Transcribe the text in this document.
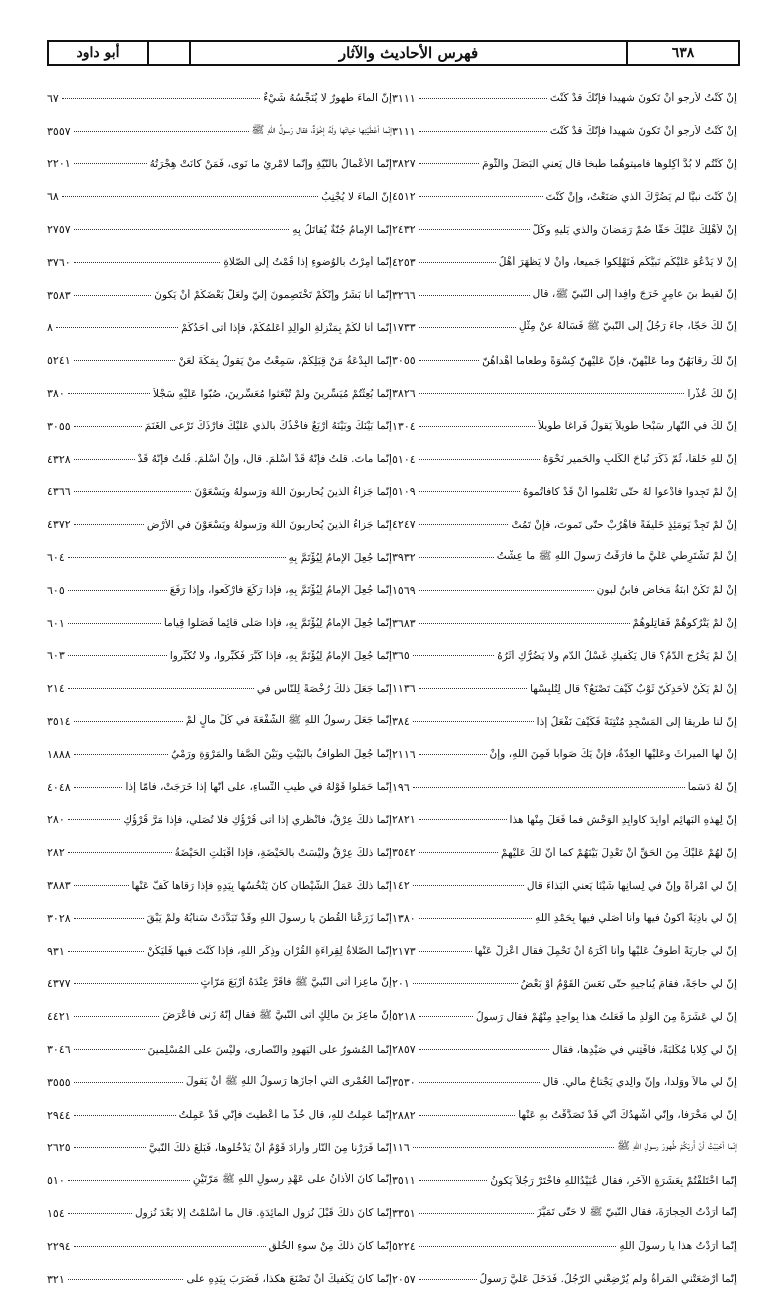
أبو داود	فهرس الأحاديث والآثار	٦٣٨
إنْ كُنْتُ لأَرجو أنْ تَكونَ شهيداً فإنّكَ قدْ كُنْتَ
٣١١١
إنْ كُنْتُ لأَرجو أنْ تَكونَ شهيداً فإنّكَ قدْ كُنْتَ
٣١١١
إنْ كُنْتُم لا بُدَّ آكِلوها فأَميتوهُما طَبخاً قال يَعني البَصَلَ والثّومَ
٣٨٢٧
إنْ كُنْتَ نبيًّا لم يَضُرَّكَ الّذي صَنَعْتُ، وإنْ كُنْتَ
٤٥١٢
إنْ لأَهْلِكَ عَلَيْكَ حَقّاً صُمْ رَمَضانَ والّذي يَليهِ وكُلَّ
٢٤٣٢
إنْ لا يَدْعُوَ عَلَيْكُم نَبيُّكُم فَتَهْلِكوا جَميعاً، وأنْ لا يَظْهَرَ أهْلُ
٤٢٥٣
إنّ لَقيطَ بنَ عامِرٍ خَرَجَ وافِداً إلى النّبيّ ﷺ، قال
٣٢٦٦
إنّ لَكَ حَجّاً، جاءَ رَجُلٌ إلى النّبيّ ﷺ فَسَأَلَهُ عنْ مِثْلِ
١٧٣٣
إنّ لَكَ رِقابَهُنّ وما عَلَيْهِنّ، فإنّ عَلَيْهِنّ كِسْوَةً وطَعاماً أهْداهُنّ
٣٠٥٥
إنّ لَكَ عُذْراً
٣٨٢٦
إنّ لَكَ في النّهارِ سَبْحاً طَويلاً يَقولُ فَراغاً طَويلاً
١٣٠٤
إنّ للهِ خَلْقاً، ثُمّ ذَكَرَ نُباحَ الكَلْبِ والحَميرِ نَحْوَهُ
٥١٠٤
إنْ لَمْ تَجِدوا فادْعوا لهُ حتّى تَعْلَموا أنْ قَدْ كافأتُموهُ
٥١٠٩
إنْ لَمْ تَجِدْ يَومَئِذٍ خَليفَةً فاهْرُبْ حتّى تَموتَ، فإنْ تَمُتْ
٤٢٤٧
إنْ لَمْ تَشْتَرِطي عَلَيَّ ما فارَقْتُ رَسولَ اللهِ ﷺ ما عِشْتُ
٣٩٣٢
إنْ لَمْ تَكُنْ ابنَةُ مَخاضٍ فابنُ لَبونٍ
١٥٦٩
إنْ لَمْ يَتْرُكوهُمْ فَقاتِلوهُمْ
٣٦٨٣
إنْ لَمْ يَخْرُجِ الدّمُ؟ قال يَكْفيكِ غَسْلُ الدّمِ ولا يَضُرُّكِ أثَرُهُ
٣٦٥
إنْ لَمْ يَكُنْ لأَحَدِكُنّ ثَوْبٌ كَيْفَ تَصْنَعُ؟ قال لِتُلْبِسْها
١١٣٦
إنّ لنا طَريقاً إلى المَسْجِدِ مُنْتِنَةً فَكَيْفَ نَفْعَلُ إذا
٣٨٤
إنْ لَها الميراثَ وعَلَيْها العِدّةُ، فإنْ يَكُ صَواباً فَمِنَ اللهِ، وإنْ
٢١١٦
إنّ لهُ دَسَماً
١٩٦
إنّ لِهذهِ البَهائِمِ أوابِدَ كأوابِدِ الوَحْشِ فما فَعَلَ مِنْها هذا
٢٨٢١
إنّ لَهُمْ عَلَيْكَ مِنَ الحَقِّ أنْ تَعْدِلَ بَيْنَهُمْ كما أنّ لكَ عَلَيْهِمْ
٣٥٤٢
إنّ لي امْرأةً وإنّ في لِسانِها شَيْئاً يَعني البَذاءَ قال
١٤٢
إنّ لي بادِيَةً أكونُ فيها وأنا أُصَلّي فيها بِحَمْدِ اللهِ
١٣٨٠
إنّ لي جارِيَةً أطوفُ عَلَيْها وأنا أكْرَهُ أنْ تَحْمِلَ فقال اعْزِلْ عَنْها
٢١٧٣
إنّ لي حاجَةً، فقامَ يُناجيهِ حتّى نَعَسَ القَوْمُ أوْ بَعْضُ
٢٠١
إنّ لي عَشَرَةً مِنَ الوَلَدِ ما فَعَلْتُ هذا بِواحِدٍ مِنْهُمْ فقال رَسولُ
٥٢١٨
إنّ لي كِلاباً مُكَلَّبَةً، فأَفْتِني في صَيْدِها، فقال
٢٨٥٧
إنّ لي مالاً ووَلَداً، وإنّ والِدي يَجْتاحُ مالي. قال
٣٥٣٠
إنّ لي مَخْرَفاً، وإنّي أُشْهِدُكَ أنّي قَدْ تَصَدَّقْتُ بهِ عَنْها
٢٨٨٢
إنّما أحْبَبْتُ أنْ أُريَكُمْ طُهورَ رسولِ اللهِ ﷺ
١١٦
إنّما اخْتَلَفْتُمْ بِعَشَرَةٍ الآخَرِ، فقال عُبَيْدُاللهِ فاخْتَرْ رَجُلاً يَكونُ
٣٥١١
إنّما أرَدْتُ الحِجارَةَ، فقال النّبيّ ﷺ لا حَتّى تَمَيَّزَ
٣٣٥١
إنّما أرَدْتُ هذا يا رسولَ اللهِ
٥٢٢٤
إنّما أرْضَعَتْني المَرأةُ ولم يُرْضِعْني الرّجُلُ. فَدَخَلَ عَلَيَّ رَسولُ
٢٠٥٧
إنّ الماءَ طَهورٌ لا يُنَجِّسُهُ شَيْءٌ
٦٧
إنّما أعْطَيْتِها حَياتَها ولَهُ إخْوَةٌ، فقال رَسولُ اللهِ ﷺ
٣٥٥٧
إنّما الأعْمالُ بالنّيّةِ وإنّما لامْرِئٍ ما نَوى، فَمَنْ كانَتْ هِجْرَتُهُ
٢٢٠١
إنّ الماءَ لا يُجْنِبُ
٦٨
إنّما الإمامُ جُنّةٌ يُقاتَلُ بِهِ
٢٧٥٧
إنّما أُمِرْتُ بالوُضوءِ إذا قُمْتُ إلى الصّلاةِ
٣٧٦٠
إنّما أنا بَشَرٌ وإنّكُمْ تَخْتَصِمونَ إليّ ولَعَلَّ بَعْضَكُمْ أنْ يَكونَ
٣٥٨٣
إنّما أنا لَكُمْ بِمَنْزِلَةِ الوالِدِ أُعَلِّمُكُمْ، فإذا أتى أحَدُكُمْ
٨
إنّما البِدْعَةُ مَنْ قِبَلِكُمْ، سَمِعْتُ منْ يَقولُ بِمَكّةَ لَعَنْ
٥٢٤١
إنّما بُعِثْتُمْ مُيَسِّرينَ ولَمْ تُبْعَثوا مُعَسِّرينَ، صُبّوا عَلَيْهِ سَجْلاً
٣٨٠
إنّما بَيْنَكَ وبَيْنَهُ أرْبَعٌ فاخْذُكَ بالّذي عَلَيْكَ فأرْذَكَ تَرْعى الغَنَمَ
٣٠٥٥
إنّما ماتَ. قلتُ فإنّهُ قَدْ أسْلَمَ. قال، وإنْ أسْلَمَ. قُلْتُ فإنّهُ قَدْ
٤٣٢٨
إنّما جَزاءُ الّذينَ يُحارِبونَ اللهَ ورَسولَهُ ويَسْعَوْنَ
٤٣٦٦
إنّما جَزاءُ الّذينَ يُحارِبونَ اللهَ ورَسولَهُ ويَسْعَوْنَ في الأرْضِ
٤٣٧٢
إنّما جُعِلَ الإمامُ لِيُؤْتَمَّ بِهِ
٦٠٤
إنّما جُعِلَ الإمامُ لِيُؤْتَمَّ بِهِ، فإذا رَكَعَ فارْكَعوا، وإذا رَفَعَ
٦٠٥
إنّما جُعِلَ الإمامُ لِيُؤْتَمَّ بِهِ، فإذا صَلّى قائِماً فَصَلّوا قِياماً
٦٠١
إنّما جُعِلَ الإمامُ لِيُؤْتَمَّ بِهِ، فإذا كَبَّرَ فَكَبِّروا، ولا تُكَبِّروا
٦٠٣
إنّما جَعَلَ ذلكَ رُخْصَةً لِلنّاسِ في
٢١٤
إنّما جَعَلَ رسولُ اللهِ ﷺ الشُّفْعَةَ في كُلِّ مالٍ لَمْ
٣٥١٤
إنّما جُعِلَ الطّوافُ بالبَيْتِ وبَيْنَ الصَّفا والمَرْوَةِ ورَمْيُ
١٨٨٨
إنّما حَمَلوا قَوْلَهُ في طيبِ النِّساءِ، على أنّها إذا خَرَجَتْ، فأمّا إذا
٤٠٤٨
إنّما ذلكَ عِرْقٌ، فانْظُري إذا أتى قُرْؤُكِ فلا تُصَلّي، فإذا مَرَّ قُرْؤُكِ
٢٨٠
إنّما ذلكَ عِرْقٌ ولَيْسَتْ بالحَيْضَةِ، فإذا أقْبَلَتِ الحَيْضَةُ
٢٨٢
إنّما ذلكَ عَمَلُ الشّيْطانِ كانَ يَنْخُسُها بِيَدِهِ فإذا رَقاها كَفَّ عَنْها
٣٨٨٣
إنّما زَرَعْنا القُطْنَ يا رسولَ اللهِ وقَدْ تَبَدَّدَتْ سَنابُهُ ولَمْ يَبْقَ
٣٠٢٨
إنّما الصّلاةُ لِقِراءَةِ القُرْآنِ وذِكْرِ اللهِ، فإذا كُنْتَ فيها فَلْيَكُنْ
٩٣١
إنّ ماعِزاً أتى النّبيَّ ﷺ فأقَرَّ عِنْدَهُ أرْبَعَ مَرّاتٍ
٤٣٧٧
إنّ ماعِزَ بنَ مالِكٍ أتى النّبيَّ ﷺ فقال إنّهُ زَنى فأعْرَضَ
٤٤٢١
إنّما المُشورُ على اليَهودِ والنّصارى، ولَيْسَ على المُسْلِمينَ
٣٠٤٦
إنّما العُمْرى الّتي أجازَها رَسولُ اللهِ ﷺ أنْ يَقولَ
٣٥٥٥
إنّما عَمِلْتُ للهِ، قال خُذْ ما أُعْطيتَ فإنّي قَدْ عَمِلْتُ
٢٩٤٤
إنّما فَرَرْنا مِنَ النّارِ وأرادَ قَوْمٌ أنْ يَدْخُلوها، فَبَلَغَ ذلكَ النّبيَّ
٢٦٢٥
إنّما كانَ الأذانُ على عَهْدِ رسولِ اللهِ ﷺ مَرّتَيْنِ
٥١٠
إنّما كانَ ذلكَ قَبْلَ نُزولِ المائِدَةِ. قال ما أسْلَمْتُ إلّا بَعْدَ نُزولِ
١٥٤
إنّما كانَ ذلكَ مِنْ سوءِ الخُلُقِ
٢٢٩٤
إنّما كانَ يَكْفيكَ أنْ تَصْنَعَ هكذا، فَضَرَبَ بِيَدِهِ على
٣٢١
